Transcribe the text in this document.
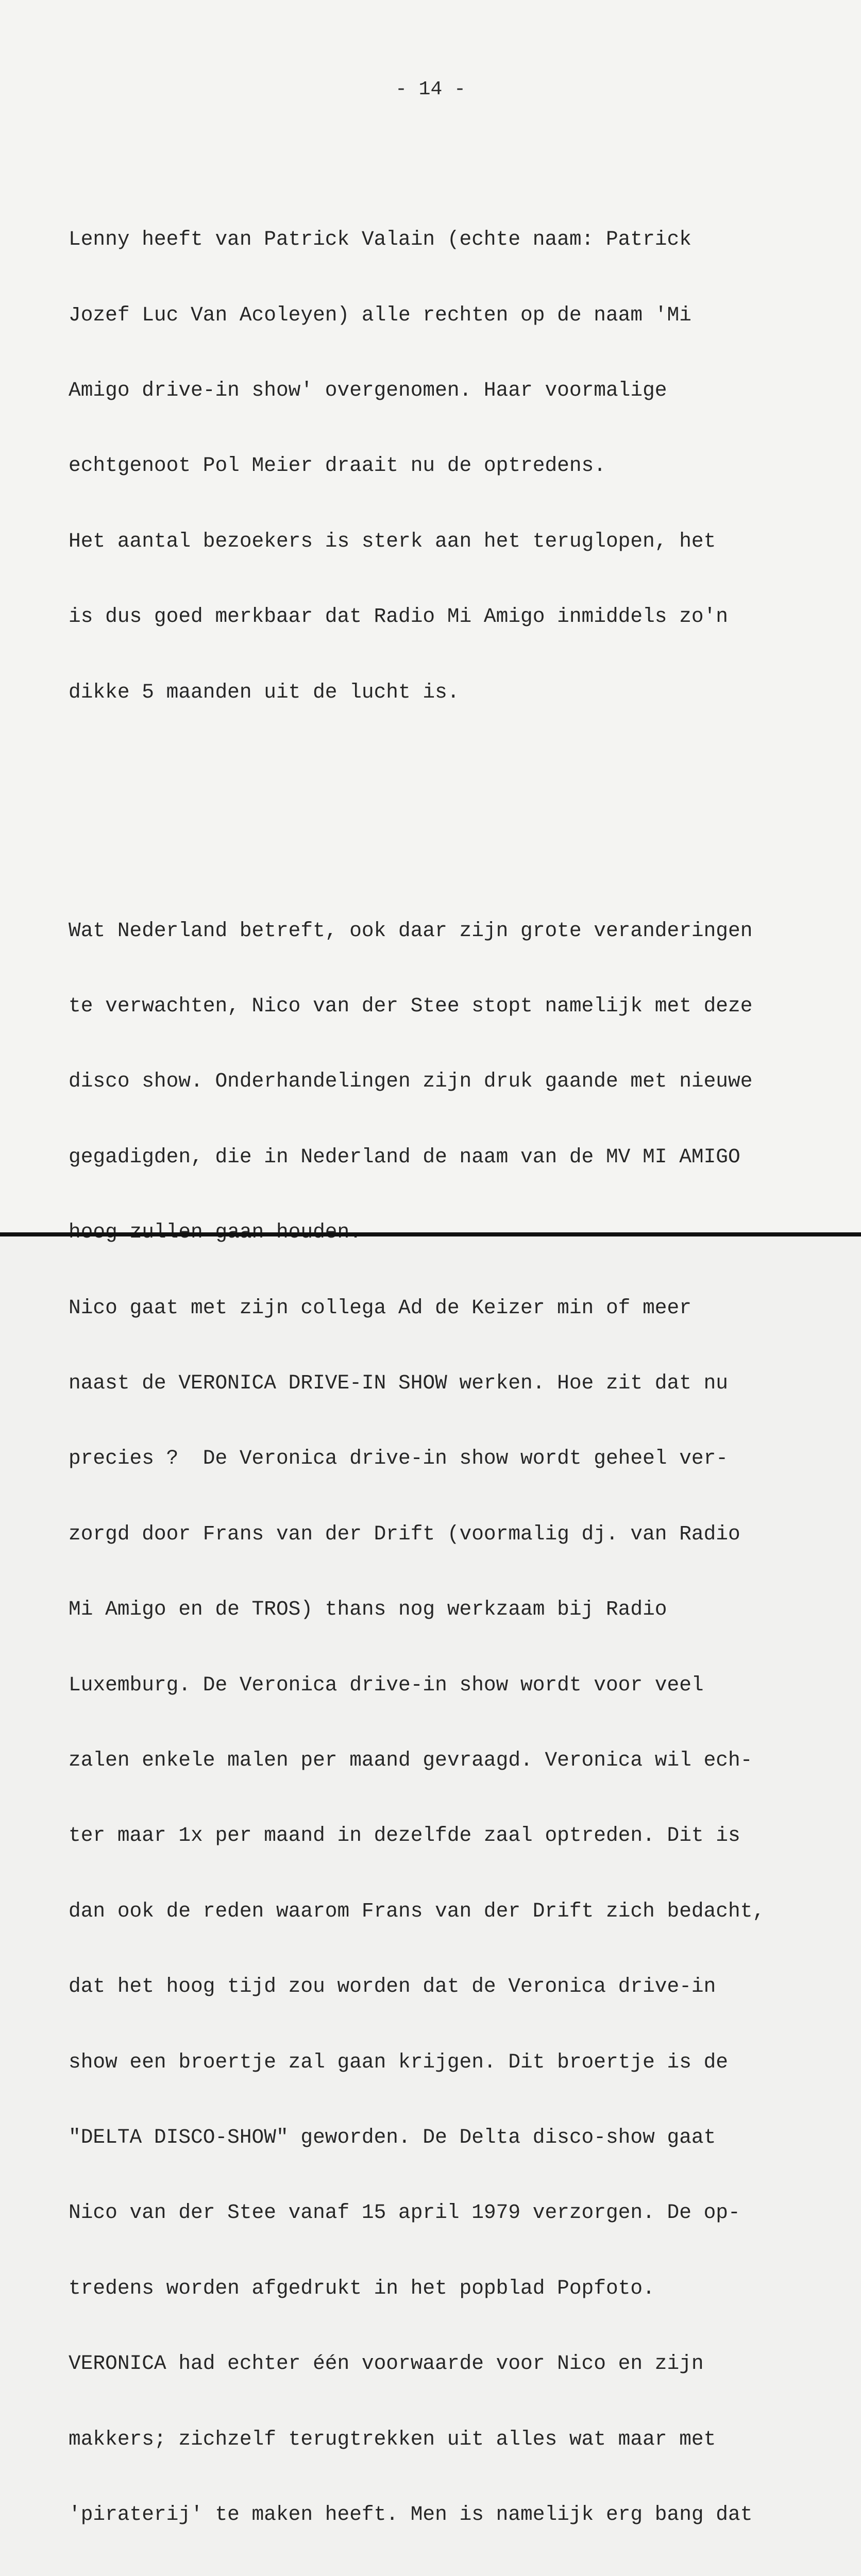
- 14 -

Lenny heeft van Patrick Valain (echte naam: Patrick

Jozef Luc Van Acoleyen) alle rechten op de naam 'Mi

Amigo drive-in show' overgenomen. Haar voormalige

echtgenoot Pol Meier draait nu de optredens.

Het aantal bezoekers is sterk aan het teruglopen, het

is dus goed merkbaar dat Radio Mi Amigo inmiddels zo'n

dikke 5 maanden uit de lucht is.

Wat Nederland betreft, ook daar zijn grote veranderingen

te verwachten, Nico van der Stee stopt namelijk met deze

disco show. Onderhandelingen zijn druk gaande met nieuwe

gegadigden, die in Nederland de naam van de MV MI AMIGO

Nico gaat met zijn collega Ad de Keizer min of meer

naast de VERONICA DRIVE-IN SHOW werken. Hoe zit dat nu

precies ?  De Veronica drive-in show wordt geheel ver-

zorgd door Frans van der Drift (voormalig dj. van Radio

Mi Amigo en de TROS) thans nog werkzaam bij Radio

Luxemburg. De Veronica drive-in show wordt voor veel

zalen enkele malen per maand gevraagd. Veronica wil ech-

ter maar 1x per maand in dezelfde zaal optreden. Dit is

dan ook de reden waarom Frans van der Drift zich bedacht,

dat het hoog tijd zou worden dat de Veronica drive-in

show een broertje zal gaan krijgen. Dit broertje is de

"DELTA DISCO-SHOW" geworden. De Delta disco-show gaat

Nico van der Stee vanaf 15 april 1979 verzorgen. De op-

tredens worden afgedrukt in het popblad Popfoto.

VERONICA had echter één voorwaarde voor Nico en zijn

makkers; zichzelf terugtrekken uit alles wat maar met

'piraterij' te maken heeft. Men is namelijk erg bang dat
